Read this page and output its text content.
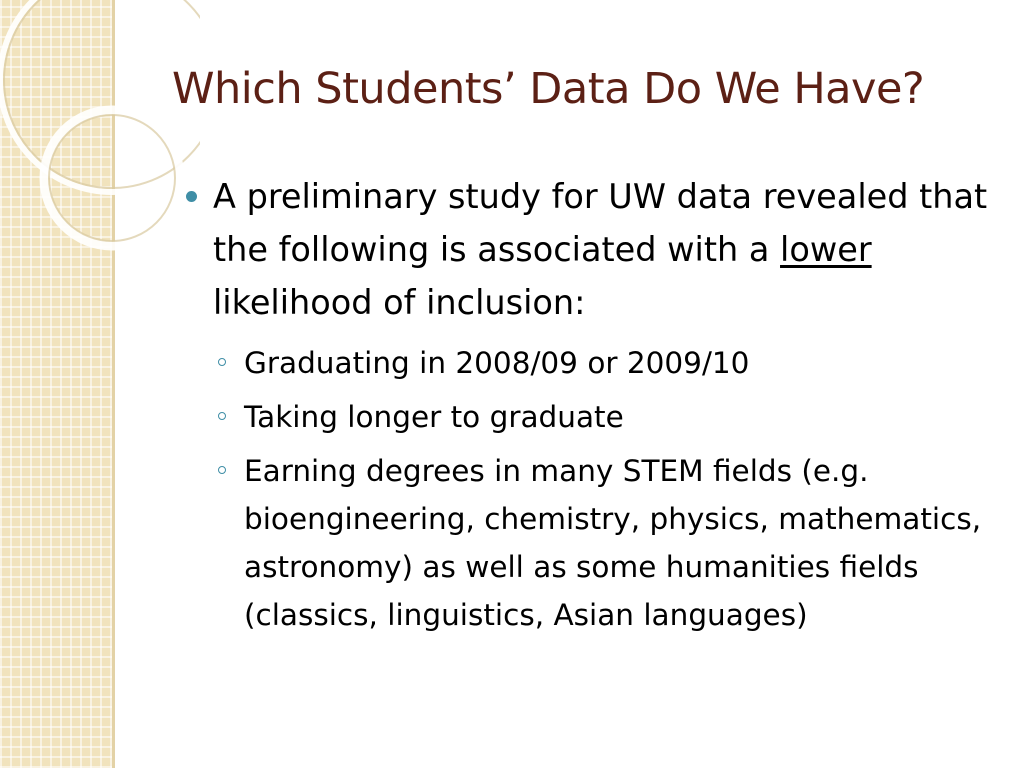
Which Students’ Data Do We Have?

A preliminary study for UW data revealed that the following is associated with a lower likelihood of inclusion:

Graduating in 2008/09 or 2009/10

Taking longer to graduate

Earning degrees in many STEM fields (e.g. bioengineering, chemistry, physics, mathematics, astronomy) as well as some humanities fields (classics, linguistics, Asian languages)
